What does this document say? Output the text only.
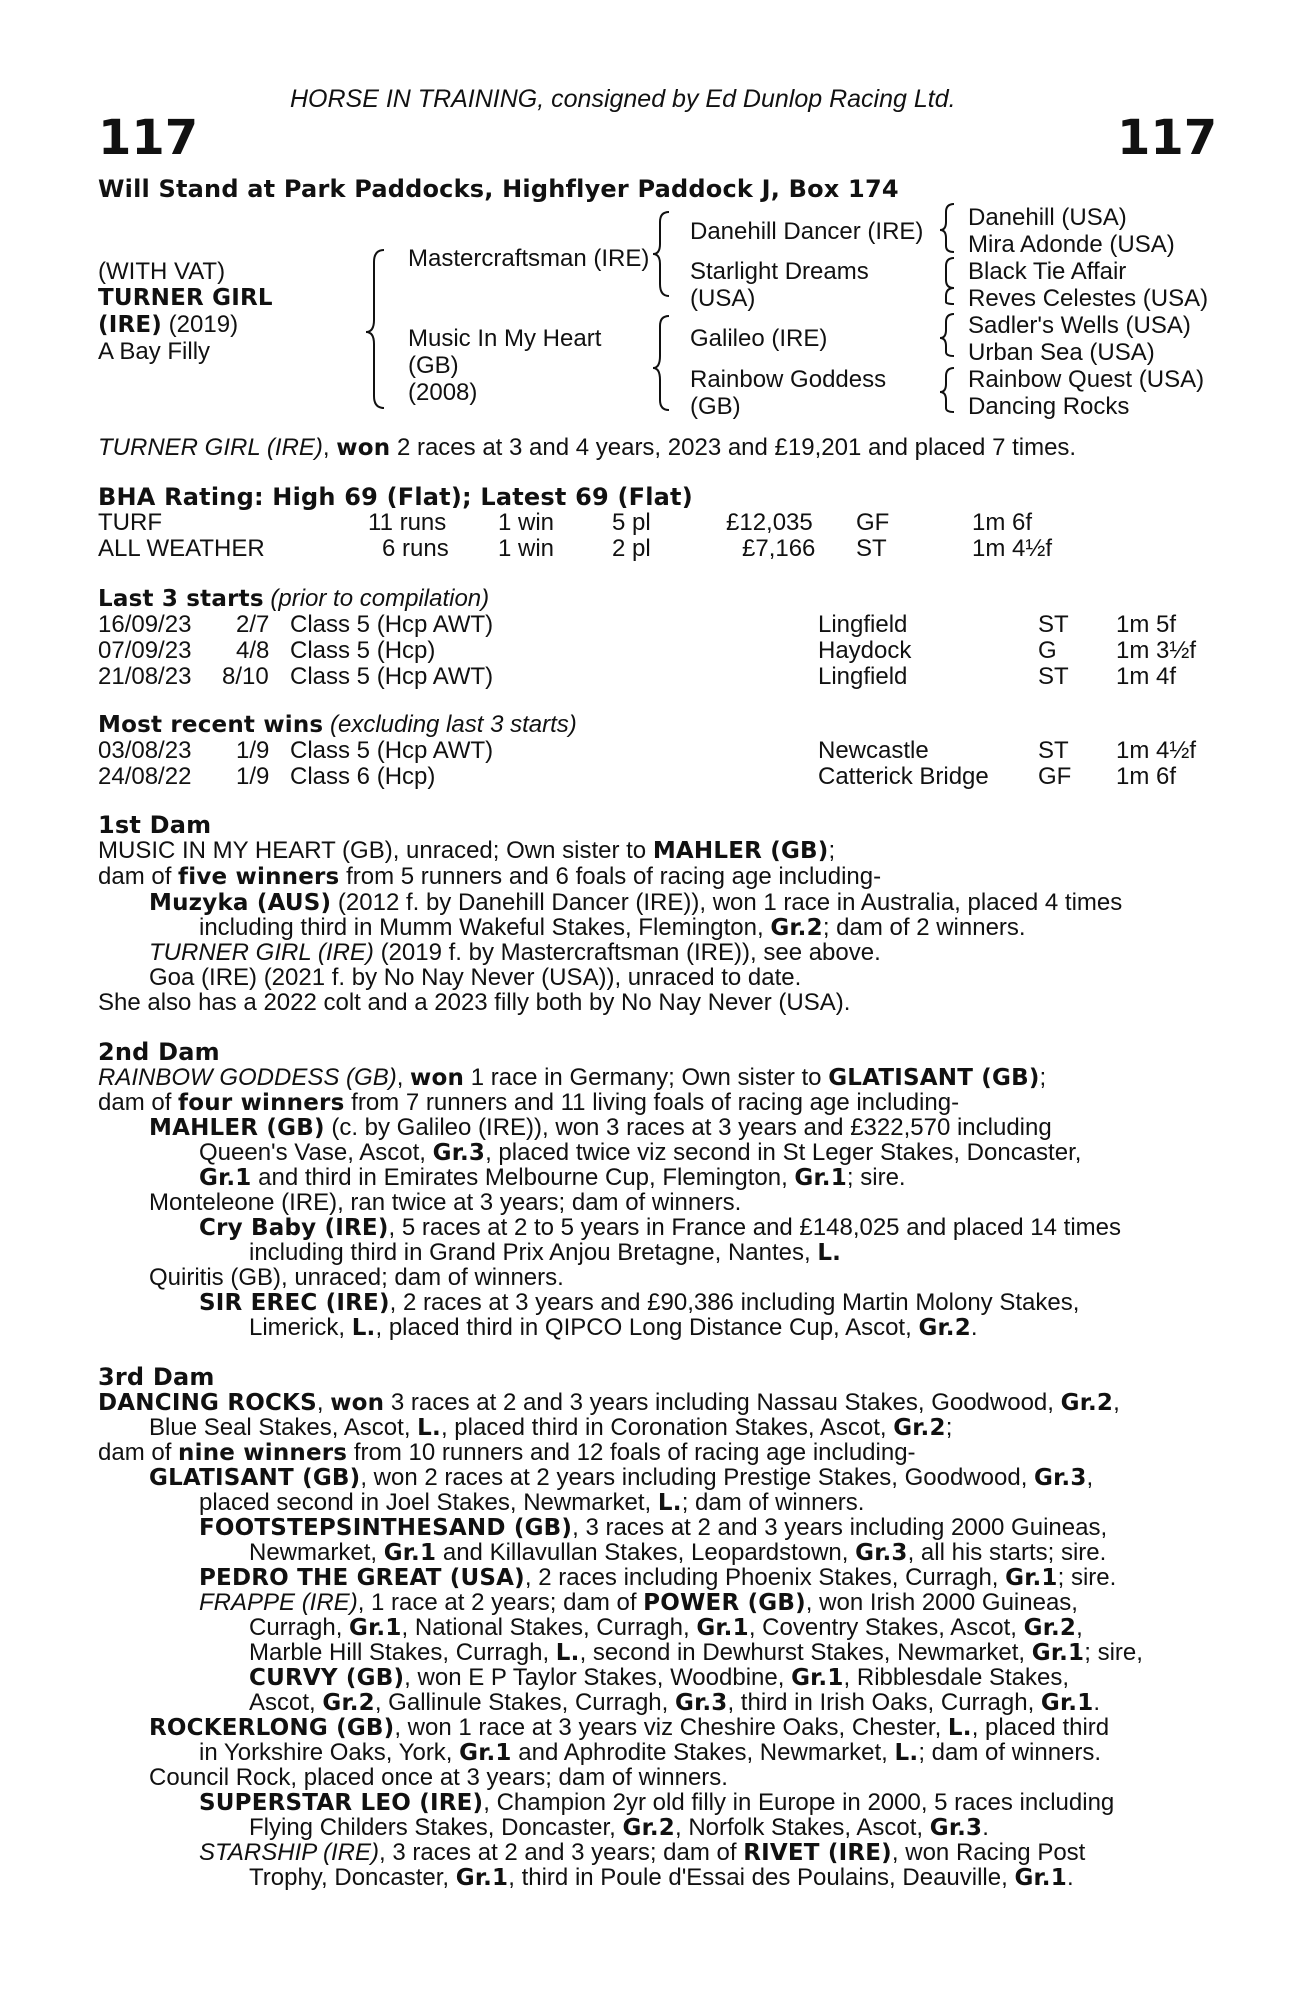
HORSE IN TRAINING, consigned by Ed Dunlop Racing Ltd.
117	117
Will Stand at Park Paddocks, Highflyer Paddock J, Box 174
(WITH VAT)
TURNER GIRL
(IRE) (2019)
A Bay Filly
Mastercraftsman (IRE)
Music In My Heart
(GB)
(2008)
Danehill Dancer (IRE)
Starlight Dreams
(USA)
Galileo (IRE)
Rainbow Goddess
(GB)
Danehill (USA)
Mira Adonde (USA)
Black Tie Affair
Reves Celestes (USA)
Sadler's Wells (USA)
Urban Sea (USA)
Rainbow Quest (USA)
Dancing Rocks
TURNER GIRL (IRE), won 2 races at 3 and 4 years, 2023 and £19,201 and placed 7 times.
BHA Rating: High 69 (Flat); Latest 69 (Flat)
TURF	11 runs 1 win 5 pl	£12,035 GF	1m 6f
ALL WEATHER	6 runs 1 win 2 pl	£7,166 ST	1m 4½f
Last 3 starts (prior to compilation)
16/09/23 2/7 Class 5 (Hcp AWT)	Lingfield	ST 1m 5f
07/09/23 4/8 Class 5 (Hcp)	Haydock	G 1m 3½f
21/08/23 8/10 Class 5 (Hcp AWT)	Lingfield	ST 1m 4f
Most recent wins (excluding last 3 starts)
03/08/23 1/9 Class 5 (Hcp AWT)	Newcastle	ST 1m 4½f
24/08/22 1/9 Class 6 (Hcp)	Catterick Bridge GF 1m 6f
1st Dam
MUSIC IN MY HEART (GB), unraced; Own sister to MAHLER (GB);
dam of five winners from 5 runners and 6 foals of racing age including-
Muzyka (AUS) (2012 f. by Danehill Dancer (IRE)), won 1 race in Australia, placed 4 times
including third in Mumm Wakeful Stakes, Flemington, Gr.2; dam of 2 winners.
TURNER GIRL (IRE) (2019 f. by Mastercraftsman (IRE)), see above.
Goa (IRE) (2021 f. by No Nay Never (USA)), unraced to date.
She also has a 2022 colt and a 2023 filly both by No Nay Never (USA).
2nd Dam
RAINBOW GODDESS (GB), won 1 race in Germany; Own sister to GLATISANT (GB);
dam of four winners from 7 runners and 11 living foals of racing age including-
MAHLER (GB) (c. by Galileo (IRE)), won 3 races at 3 years and £322,570 including
Queen's Vase, Ascot, Gr.3, placed twice viz second in St Leger Stakes, Doncaster,
Gr.1 and third in Emirates Melbourne Cup, Flemington, Gr.1; sire.
Monteleone (IRE), ran twice at 3 years; dam of winners.
Cry Baby (IRE), 5 races at 2 to 5 years in France and £148,025 and placed 14 times
including third in Grand Prix Anjou Bretagne, Nantes, L.
Quiritis (GB), unraced; dam of winners.
SIR EREC (IRE), 2 races at 3 years and £90,386 including Martin Molony Stakes,
Limerick, L., placed third in QIPCO Long Distance Cup, Ascot, Gr.2.
3rd Dam
DANCING ROCKS, won 3 races at 2 and 3 years including Nassau Stakes, Goodwood, Gr.2,
Blue Seal Stakes, Ascot, L., placed third in Coronation Stakes, Ascot, Gr.2;
dam of nine winners from 10 runners and 12 foals of racing age including-
GLATISANT (GB), won 2 races at 2 years including Prestige Stakes, Goodwood, Gr.3,
placed second in Joel Stakes, Newmarket, L.; dam of winners.
FOOTSTEPSINTHESAND (GB), 3 races at 2 and 3 years including 2000 Guineas,
Newmarket, Gr.1 and Killavullan Stakes, Leopardstown, Gr.3, all his starts; sire.
PEDRO THE GREAT (USA), 2 races including Phoenix Stakes, Curragh, Gr.1; sire.
FRAPPE (IRE), 1 race at 2 years; dam of POWER (GB), won Irish 2000 Guineas,
Curragh, Gr.1, National Stakes, Curragh, Gr.1, Coventry Stakes, Ascot, Gr.2,
Marble Hill Stakes, Curragh, L., second in Dewhurst Stakes, Newmarket, Gr.1; sire,
CURVY (GB), won E P Taylor Stakes, Woodbine, Gr.1, Ribblesdale Stakes,
Ascot, Gr.2, Gallinule Stakes, Curragh, Gr.3, third in Irish Oaks, Curragh, Gr.1.
ROCKERLONG (GB), won 1 race at 3 years viz Cheshire Oaks, Chester, L., placed third
in Yorkshire Oaks, York, Gr.1 and Aphrodite Stakes, Newmarket, L.; dam of winners.
Council Rock, placed once at 3 years; dam of winners.
SUPERSTAR LEO (IRE), Champion 2yr old filly in Europe in 2000, 5 races including
Flying Childers Stakes, Doncaster, Gr.2, Norfolk Stakes, Ascot, Gr.3.
STARSHIP (IRE), 3 races at 2 and 3 years; dam of RIVET (IRE), won Racing Post
Trophy, Doncaster, Gr.1, third in Poule d'Essai des Poulains, Deauville, Gr.1.
